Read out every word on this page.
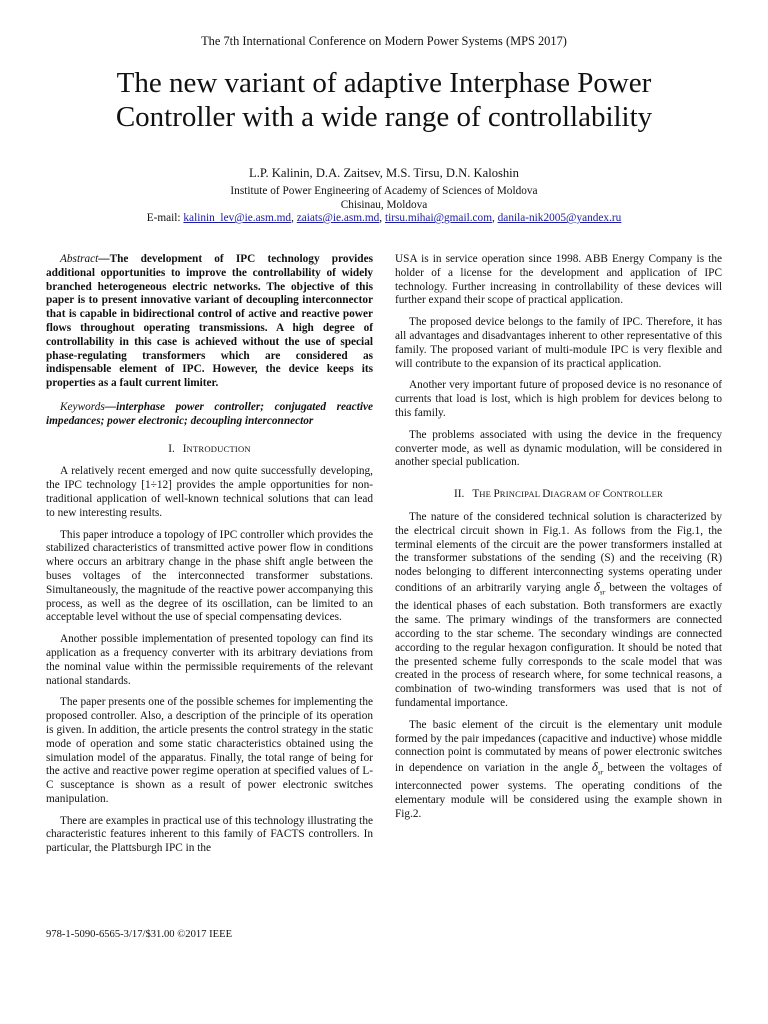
The 7th International Conference on Modern Power Systems (MPS 2017)
The new variant of adaptive Interphase Power
Controller with a wide range of controllability
L.P. Kalinin, D.A. Zaitsev, M.S. Tirsu, D.N. Kaloshin
Institute of Power Engineering of Academy of Sciences of Moldova
Chisinau, Moldova
E-mail: kalinin_lev@ie.asm.md, zaiats@ie.asm.md, tirsu.mihai@gmail.com, danila-nik2005@yandex.ru

Abstract—The development of IPC technology provides additional opportunities to improve the controllability of widely branched heterogeneous electric networks. The objective of this paper is to present innovative variant of decoupling interconnector that is capable in bidirectional control of active and reactive power flows throughout operating transmissions. A high degree of controllability in this case is achieved without the use of special phase-regulating transformers which are considered as indispensable element of IPC. However, the device keeps its properties as a fault current limiter.

Keywords—interphase power controller; conjugated reactive impedances; power electronic; decoupling interconnector

I. INTRODUCTION

A relatively recent emerged and now quite successfully developing, the IPC technology [1÷12] provides the ample opportunities for non-traditional application of well-known technical solutions that can lead to new interesting results.

This paper introduce a topology of IPC controller which provides the stabilized characteristics of transmitted active power flow in conditions where occurs an arbitrary change in the phase shift angle between the buses voltages of the interconnected transformer substations. Simultaneously, the magnitude of the reactive power accompanying this process, as well as the degree of its oscillation, can be limited to an acceptable level without the use of special compensating devices.

Another possible implementation of presented topology can find its application as a frequency converter with its arbitrary deviations from the nominal value within the permissible requirements of the relevant national standards.

The paper presents one of the possible schemes for implementing the proposed controller. Also, a description of the principle of its operation is given. In addition, the article presents the control strategy in the static mode of operation and some static characteristics obtained using the simulation model of the apparatus. Finally, the total range of being for the active and reactive power regime operation at specified values of L-C susceptance is shown as a result of power electronic switches manipulation.

There are examples in practical use of this technology illustrating the characteristic features inherent to this family of FACTS controllers. In particular, the Plattsburgh IPC in the

USA is in service operation since 1998. ABB Energy Company is the holder of a license for the development and application of IPC technology. Further increasing in controllability of these devices will further expand their scope of practical application.

The proposed device belongs to the family of IPC. Therefore, it has all advantages and disadvantages inherent to other representative of this family. The proposed variant of multi-module IPC is very flexible and will contribute to the expansion of its practical application.

Another very important future of proposed device is no resonance of currents that load is lost, which is high problem for devices belong to this family.

The problems associated with using the device in the frequency converter mode, as well as dynamic modulation, will be considered in another special publication.

II. THE PRINCIPAL DIAGRAM OF CONTROLLER

The nature of the considered technical solution is characterized by the electrical circuit shown in Fig.1. As follows from the Fig.1, the terminal elements of the circuit are the power transformers installed at the transformer substations of the sending (S) and the receiving (R) nodes belonging to different interconnecting systems operating under conditions of an arbitrarily varying angle $\delta_{sr}$ between the voltages of the identical phases of each substation. Both transformers are exactly the same. The primary windings of the transformers are connected according to the star scheme. The secondary windings are connected according to the regular hexagon configuration. It should be noted that the presented scheme fully corresponds to the scale model that was created in the process of research where, for some technical reasons, a combination of two-winding transformers was used that is not of fundamental importance.

The basic element of the circuit is the elementary unit module formed by the pair impedances (capacitive and inductive) whose middle connection point is commutated by means of power electronic switches in dependence on variation in the angle $\delta_{sr}$ between the voltages of interconnected power systems. The operating conditions of the elementary module will be considered using the example shown in Fig.2.

978-1-5090-6565-3/17/$31.00 ©2017 IEEE
